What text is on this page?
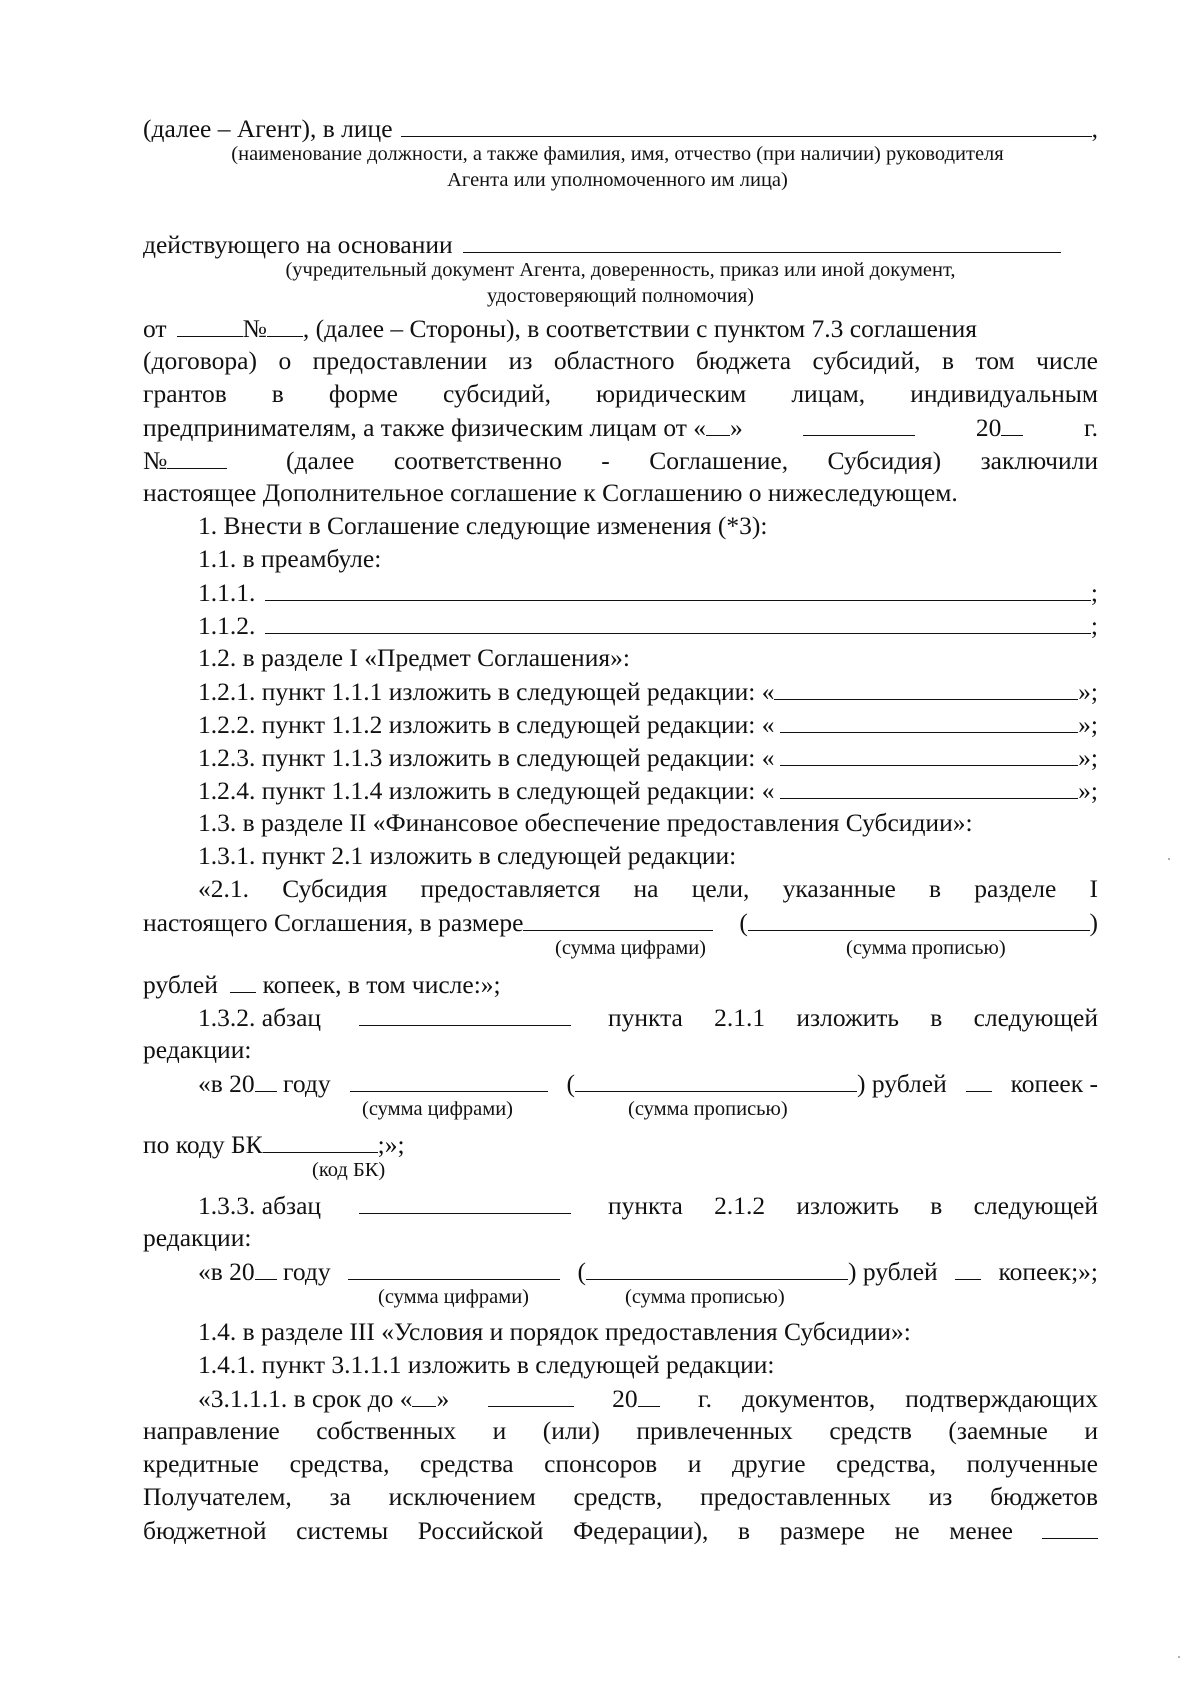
(далее – Агент), в лице	,
(наименование должности, а также фамилия, имя, отчество (при наличии) руководителя
Агента или уполномоченного им лица)
действующего на основании
(учредительный документ Агента, доверенность, приказ или иной документ,
удостоверяющий полномочия)
от	№ , (далее – Стороны), в соответствии с пунктом 7.3 соглашения
(договора) о предоставлении из областного бюджета субсидий, в том числе
грантов в форме субсидий, юридическим лицам, индивидуальным
предпринимателям, а также физическим лицам от « »	20	г.
№	(далее соответственно - Соглашение, Субсидия) заключили
настоящее Дополнительное соглашение к Соглашению о нижеследующем.
1. Внести в Соглашение следующие изменения (*3):
1.1. в преамбуле:
1.1.1.	;
1.1.2.	;
1.2. в разделе I «Предмет Соглашения»:
1.2.1. пункт 1.1.1 изложить в следующей редакции: «	»;
1.2.2. пункт 1.1.2 изложить в следующей редакции: «	»;
1.2.3. пункт 1.1.3 изложить в следующей редакции: «	»;
1.2.4. пункт 1.1.4 изложить в следующей редакции: «	»;
1.3. в разделе II «Финансовое обеспечение предоставления Субсидии»:
1.3.1. пункт 2.1 изложить в следующей редакции:
«2.1. Субсидия предоставляется на цели, указанные в разделе I
настоящего Соглашения, в размере	(	)
(сумма цифрами)	(сумма прописью)
рублей копеек, в том числе:»;
1.3.2. абзац	пункта 2.1.1 изложить в следующей
редакции:
«в 20 году	(	) рублей	копеек -
(сумма цифрами)	(сумма прописью)
по коду БК	;»;
(код БК)
1.3.3. абзац	пункта 2.1.2 изложить в следующей
редакции:
«в 20 году	(	) рублей копеек;»;
(сумма цифрами)	(сумма прописью)
1.4. в разделе III «Условия и порядок предоставления Субсидии»:
1.4.1. пункт 3.1.1.1 изложить в следующей редакции:
«3.1.1.1. в срок до « »	20	г. документов, подтверждающих
направление собственных и (или) привлеченных средств (заемные и
кредитные средства, средства спонсоров и другие средства, полученные
Получателем, за исключением средств, предоставленных из бюджетов
бюджетной системы Российской Федерации), в размере не менее
